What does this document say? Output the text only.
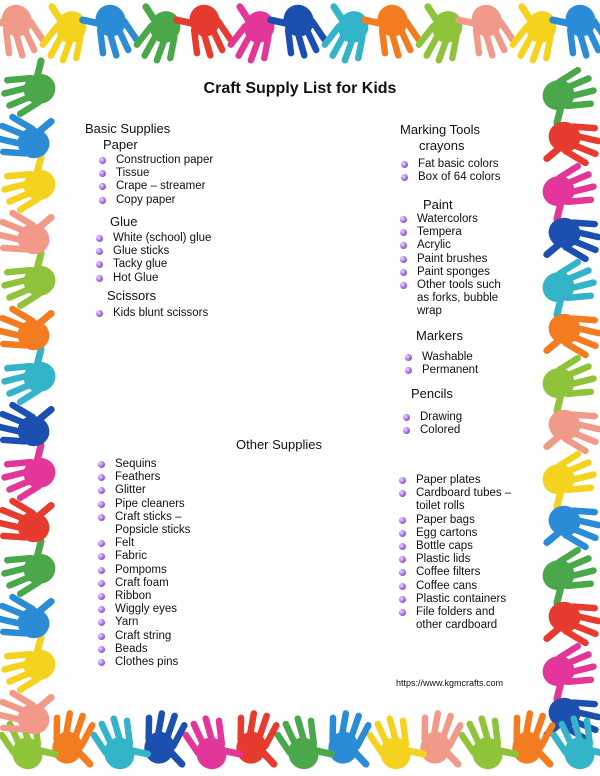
Craft Supply List for Kids
Basic Supplies
Paper
Construction paper
Tissue
Crape – streamer
Copy paper
Glue
White (school) glue
Glue sticks
Tacky glue
Hot Glue
Scissors
Kids blunt scissors
Marking Tools
crayons
Fat basic colors
Box of 64 colors
Paint
Watercolors
Tempera
Acrylic
Paint brushes
Paint sponges
Other tools such
as forks, bubble
wrap
Markers
Washable
Permanent
Pencils
Drawing
Colored
Other Supplies
Sequins
Feathers
Glitter
Pipe cleaners
Craft sticks –
Popsicle sticks
Felt
Fabric
Pompoms
Craft foam
Ribbon
Wiggly eyes
Yarn
Craft string
Beads
Clothes pins
Paper plates
Cardboard tubes –
toilet rolls
Paper bags
Egg cartons
Bottle caps
Plastic lids
Coffee filters
Coffee cans
Plastic containers
File folders and
other cardboard
https://www.kgmcrafts.com
